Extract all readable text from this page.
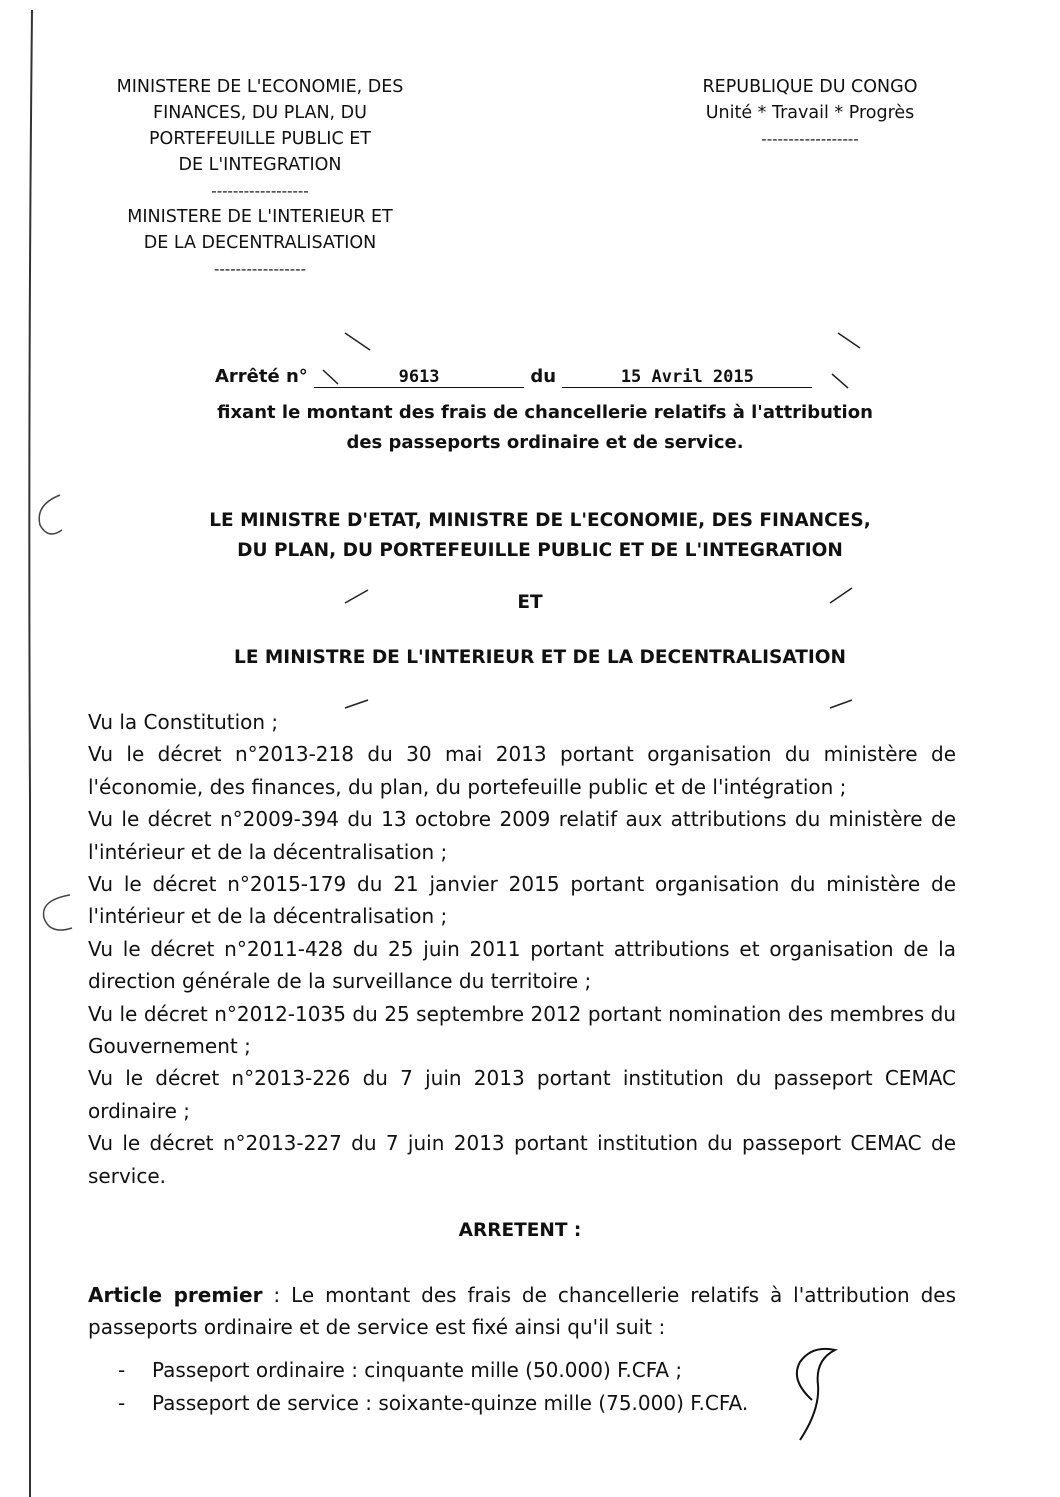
MINISTERE DE L'ECONOMIE, DES
FINANCES, DU PLAN, DU
PORTEFEUILLE PUBLIC ET
DE L'INTEGRATION
------------------
MINISTERE DE L'INTERIEUR ET
DE LA DECENTRALISATION
-----------------
REPUBLIQUE DU CONGO
Unité * Travail * Progrès
------------------
Arrêté n°	9613	du	15 Avril 2015
fixant le montant des frais de chancellerie relatifs à l'attribution
des passeports ordinaire et de service.
LE MINISTRE D'ETAT, MINISTRE DE L'ECONOMIE, DES FINANCES,
DU PLAN, DU PORTEFEUILLE PUBLIC ET DE L'INTEGRATION
ET
LE MINISTRE DE L'INTERIEUR ET DE LA DECENTRALISATION

Vu la Constitution ;

Vu le décret n°2013-218 du 30 mai 2013 portant organisation du ministère de l'économie, des finances, du plan, du portefeuille public et de l'intégration ;

Vu le décret n°2009-394 du 13 octobre 2009 relatif aux attributions du ministère de l'intérieur et de la décentralisation ;

Vu le décret n°2015-179 du 21 janvier 2015 portant organisation du ministère de l'intérieur et de la décentralisation ;

Vu le décret n°2011-428 du 25 juin 2011 portant attributions et organisation de la direction générale de la surveillance du territoire ;

Vu le décret n°2012-1035 du 25 septembre 2012 portant nomination des membres du Gouvernement ;

Vu le décret n°2013-226 du 7 juin 2013 portant institution du passeport CEMAC ordinaire ;

Vu le décret n°2013-227 du 7 juin 2013 portant institution du passeport CEMAC de service.

ARRETENT :
Article premier : Le montant des frais de chancellerie relatifs à l'attribution des passeports ordinaire et de service est fixé ainsi qu'il suit :
-	Passeport ordinaire : cinquante mille (50.000) F.CFA ;
-	Passeport de service : soixante-quinze mille (75.000) F.CFA.
